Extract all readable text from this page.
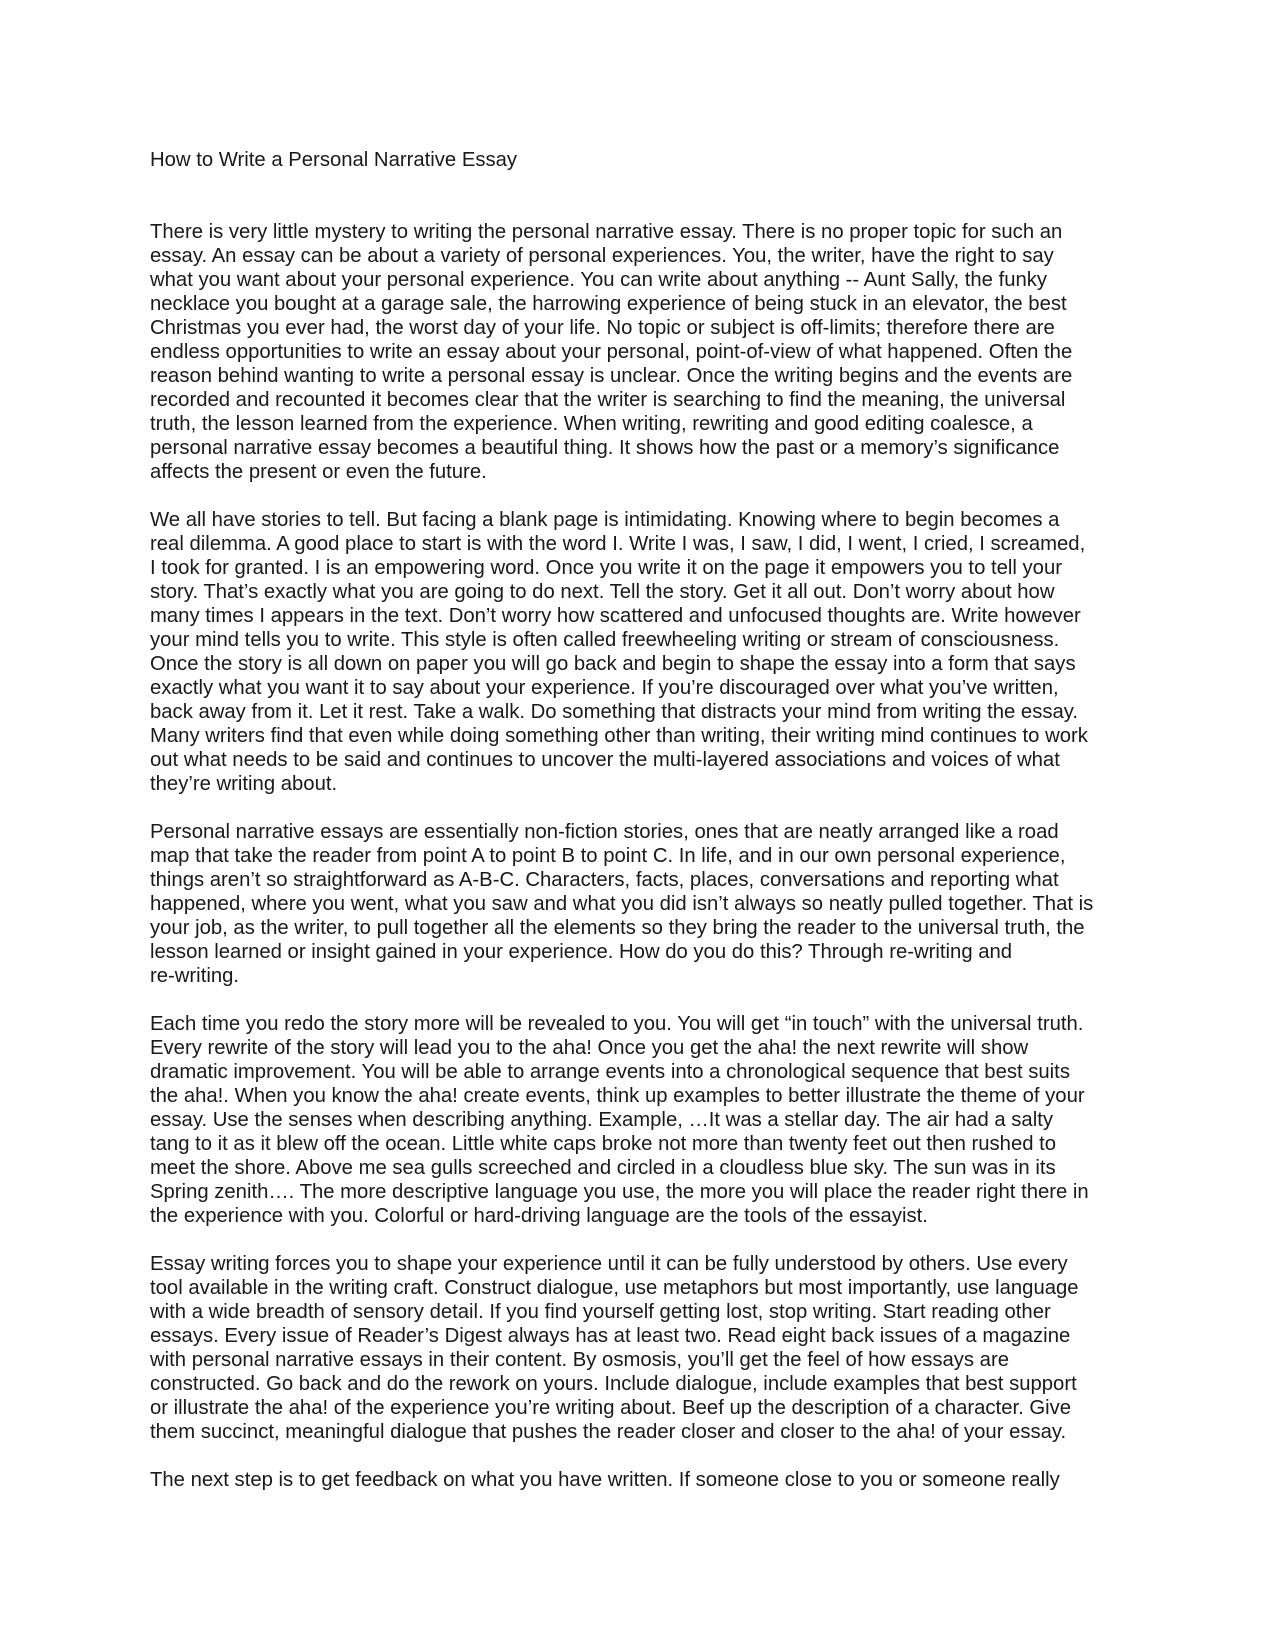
How to Write a Personal Narrative Essay

There is very little mystery to writing the personal narrative essay. There is no proper topic for such an
essay. An essay can be about a variety of personal experiences. You, the writer, have the right to say
what you want about your personal experience. You can write about anything -- Aunt Sally, the funky
necklace you bought at a garage sale, the harrowing experience of being stuck in an elevator, the best
Christmas you ever had, the worst day of your life. No topic or subject is off-limits; therefore there are
endless opportunities to write an essay about your personal, point-of-view of what happened. Often the
reason behind wanting to write a personal essay is unclear. Once the writing begins and the events are
recorded and recounted it becomes clear that the writer is searching to find the meaning, the universal
truth, the lesson learned from the experience. When writing, rewriting and good editing coalesce, a
personal narrative essay becomes a beautiful thing. It shows how the past or a memory’s significance
affects the present or even the future.

We all have stories to tell. But facing a blank page is intimidating. Knowing where to begin becomes a
real dilemma. A good place to start is with the word I. Write I was, I saw, I did, I went, I cried, I screamed,
I took for granted. I is an empowering word. Once you write it on the page it empowers you to tell your
story. That’s exactly what you are going to do next. Tell the story. Get it all out. Don’t worry about how
many times I appears in the text. Don’t worry how scattered and unfocused thoughts are. Write however
your mind tells you to write. This style is often called freewheeling writing or stream of consciousness.
Once the story is all down on paper you will go back and begin to shape the essay into a form that says
exactly what you want it to say about your experience. If you’re discouraged over what you’ve written,
back away from it. Let it rest. Take a walk. Do something that distracts your mind from writing the essay.
Many writers find that even while doing something other than writing, their writing mind continues to work
out what needs to be said and continues to uncover the multi-layered associations and voices of what
they’re writing about.

Personal narrative essays are essentially non-fiction stories, ones that are neatly arranged like a road
map that take the reader from point A to point B to point C. In life, and in our own personal experience,
things aren’t so straightforward as A-B-C. Characters, facts, places, conversations and reporting what
happened, where you went, what you saw and what you did isn’t always so neatly pulled together. That is
your job, as the writer, to pull together all the elements so they bring the reader to the universal truth, the
lesson learned or insight gained in your experience. How do you do this? Through re-writing and
re-writing.

Each time you redo the story more will be revealed to you. You will get “in touch” with the universal truth.
Every rewrite of the story will lead you to the aha! Once you get the aha! the next rewrite will show
dramatic improvement. You will be able to arrange events into a chronological sequence that best suits
the aha!. When you know the aha! create events, think up examples to better illustrate the theme of your
essay. Use the senses when describing anything. Example, …It was a stellar day. The air had a salty
tang to it as it blew off the ocean. Little white caps broke not more than twenty feet out then rushed to
meet the shore. Above me sea gulls screeched and circled in a cloudless blue sky. The sun was in its
Spring zenith…. The more descriptive language you use, the more you will place the reader right there in
the experience with you. Colorful or hard-driving language are the tools of the essayist.

Essay writing forces you to shape your experience until it can be fully understood by others. Use every
tool available in the writing craft. Construct dialogue, use metaphors but most importantly, use language
with a wide breadth of sensory detail. If you find yourself getting lost, stop writing. Start reading other
essays. Every issue of Reader’s Digest always has at least two. Read eight back issues of a magazine
with personal narrative essays in their content. By osmosis, you’ll get the feel of how essays are
constructed. Go back and do the rework on yours. Include dialogue, include examples that best support
or illustrate the aha! of the experience you’re writing about. Beef up the description of a character. Give
them succinct, meaningful dialogue that pushes the reader closer and closer to the aha! of your essay.

The next step is to get feedback on what you have written. If someone close to you or someone really
